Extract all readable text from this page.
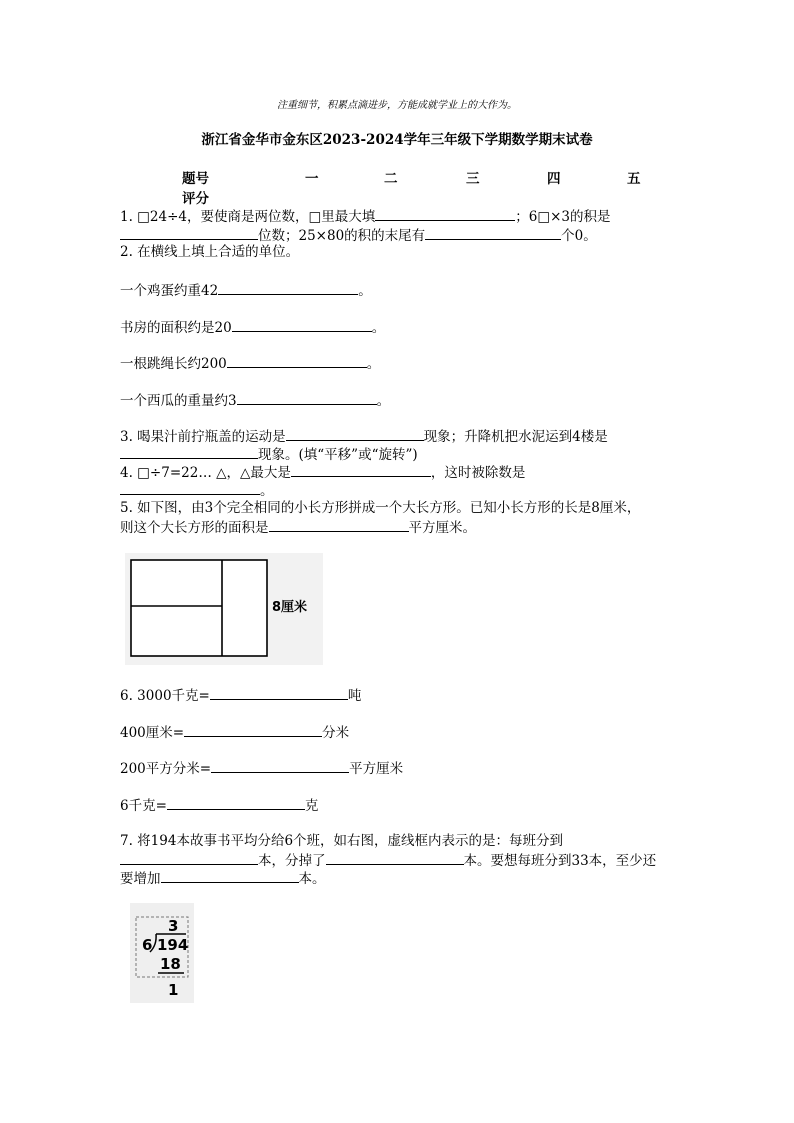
注重细节，积累点滴进步，方能成就学业上的大作为。
浙江省金华市金东区2023-2024学年三年级下学期数学期末试卷
题号	一	二	三	四	五
评分
1. □24÷4，要使商是两位数，□里最大填	；6□×3的积是
位数；25×80的积的末尾有	个0。
2. 在横线上填上合适的单位。
一个鸡蛋约重42	。
书房的面积约是20	。
一根跳绳长约200	。
一个西瓜的重量约3	。
3. 喝果汁前拧瓶盖的运动是	现象；升降机把水泥运到4楼是
现象。(填“平移”或“旋转”)
4. □÷7=22… △，△最大是	，这时被除数是
。
5. 如下图，由3个完全相同的小长方形拼成一个大长方形。已知小长方形的长是8厘米，
则这个大长方形的面积是	平方厘米。
8厘米
6. 3000千克=	吨
400厘米=	分米
200平方分米=	平方厘米
6千克=	克
7. 将194本故事书平均分给6个班，如右图，虚线框内表示的是：每班分到
本，分掉了	本。要想每班分到33本，至少还
要增加	本。
3
6 194
18
1
